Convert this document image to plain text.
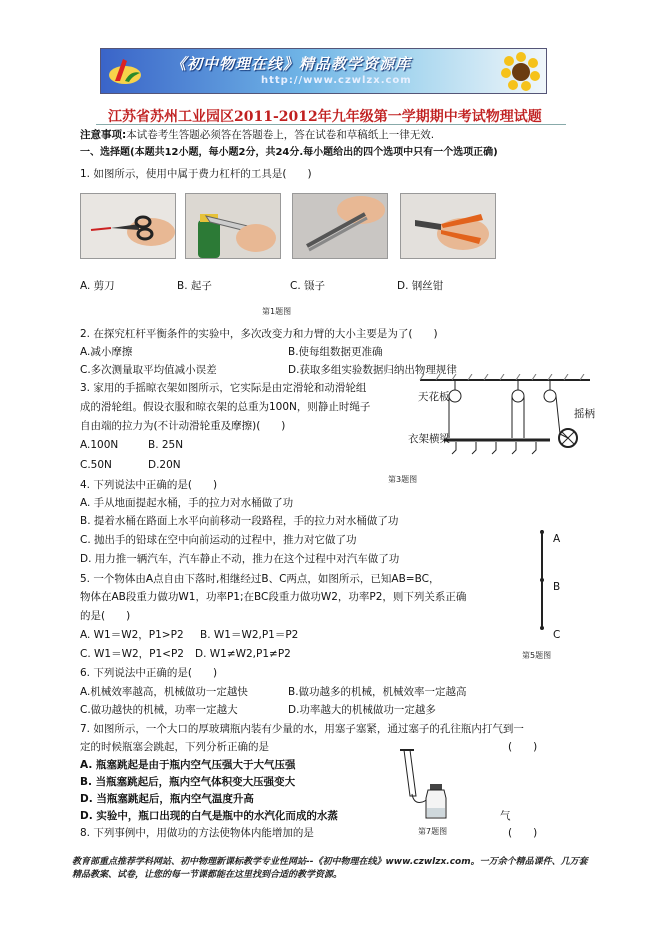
《初中物理在线》精品教学资源库
http://www.czwlzx.com
江苏省苏州工业园区2011-2012年九年级第一学期期中考试物理试题
注意事项:本试卷考生答题必须答在答题卷上，答在试卷和草稿纸上一律无效.
一、选择题(本题共12小题，每小题2分，共24分.每小题给出的四个选项中只有一个选项正确)
1. 如图所示，使用中属于费力杠杆的工具是(　　)
A. 剪刀	B. 起子	C. 镊子	D. 钢丝钳
第1题图
2. 在探究杠杆平衡条件的实验中，多次改变力和力臂的大小主要是为了(　　)
A.减小摩擦	B.使每组数据更准确
C.多次测量取平均值减小误差	D.获取多组实验数据归纳出物理规律
3. 家用的手摇晾衣架如图所示，它实际是由定滑轮和动滑轮组
成的滑轮组。假设衣服和晾衣架的总重为100N，则静止时绳子
自由端的拉力为(不计动滑轮重及摩擦)(　　)
A.100N	B. 25N
C.50N	D.20N
天花板
摇柄
衣架横梁
第3题图
4. 下列说法中正确的是(　　)
A. 手从地面提起水桶，手的拉力对水桶做了功
B. 提着水桶在路面上水平向前移动一段路程，手的拉力对水桶做了功
C. 抛出手的铅球在空中向前运动的过程中，推力对它做了功
D. 用力推一辆汽车，汽车静止不动，推力在这个过程中对汽车做了功
5. 一个物体由A点自由下落时,相继经过B、C两点，如图所示，已知AB=BC，
物体在AB段重力做功W1，功率P1;在BC段重力做功W2，功率P2，则下列关系正确
的是(　　)
A. W1＝W2，P1>P2 B. W1＝W2,P1＝P2
C. W1＝W2，P1<P2 D. W1≠W2,P1≠P2
A
B
C
第5题图
6. 下列说法中正确的是(　　)
A.机械效率越高，机械做功一定越快	B.做功越多的机械，机械效率一定越高
C.做功越快的机械，功率一定越大	D.功率越大的机械做功一定越多
7. 如图所示，一个大口的厚玻璃瓶内装有少量的水，用塞子塞紧，通过塞子的孔往瓶内打气到一
定的时候瓶塞会跳起，下列分析正确的是	(　　)
A. 瓶塞跳起是由于瓶内空气压强大于大气压强
B. 当瓶塞跳起后，瓶内空气体积变大压强变大
D. 当瓶塞跳起后，瓶内空气温度升高
D. 实验中，瓶口出现的白气是瓶中的水汽化而成的水蒸	气
第7题图
8. 下列事例中，用做功的方法使物体内能增加的是	(　　)
教育部重点推荐学科网站、初中物理新课标教学专业性网站--《初中物理在线》www.czwlzx.com。一万余个精品课件、几万套精品教案、试卷，让您的每一节课都能在这里找到合适的教学资源。
